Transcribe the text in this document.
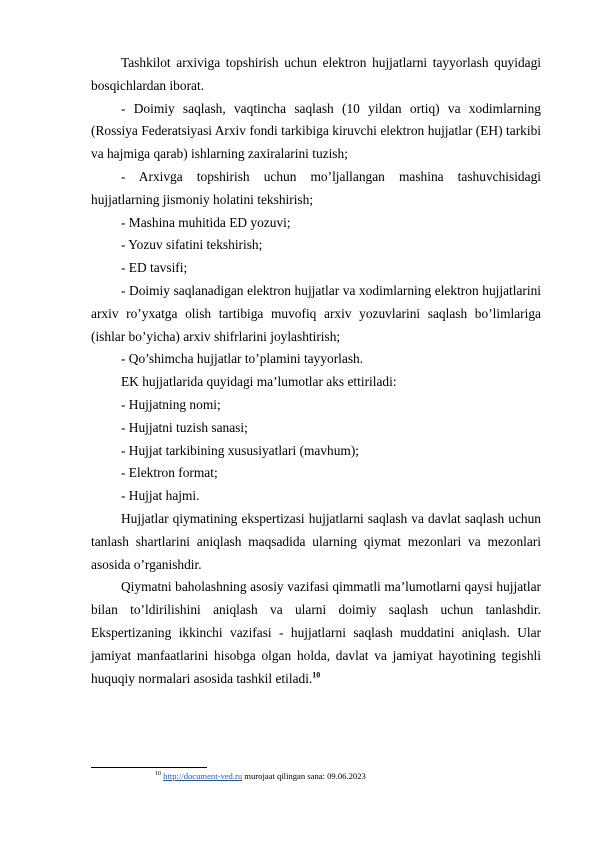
Tashkilot arxiviga topshirish uchun elektron hujjatlarni tayyorlash quyidagi bosqichlardan iborat.

- Doimiy saqlash, vaqtincha saqlash (10 yildan ortiq) va xodimlarning (Rossiya Federatsiyasi Arxiv fondi tarkibiga kiruvchi elektron hujjatlar (EH) tarkibi va hajmiga qarab) ishlarning zaxiralarini tuzish;

- Arxivga topshirish uchun mo’ljallangan mashina tashuvchisidagi hujjatlarning jismoniy holatini tekshirish;

- Mashina muhitida ED yozuvi;

- Yozuv sifatini tekshirish;

- ED tavsifi;

- Doimiy saqlanadigan elektron hujjatlar va xodimlarning elektron hujjatlarini arxiv ro’yxatga olish tartibiga muvofiq arxiv yozuvlarini saqlash bo’limlariga (ishlar bo’yicha) arxiv shifrlarini joylashtirish;

- Qo’shimcha hujjatlar to’plamini tayyorlash.

EK hujjatlarida quyidagi ma’lumotlar aks ettiriladi:

- Hujjatning nomi;

- Hujjatni tuzish sanasi;

- Hujjat tarkibining xususiyatlari (mavhum);

- Elektron format;

- Hujjat hajmi.

Hujjatlar qiymatining ekspertizasi hujjatlarni saqlash va davlat saqlash uchun tanlash shartlarini aniqlash maqsadida ularning qiymat mezonlari va mezonlari asosida o’rganishdir.

Qiymatni baholashning asosiy vazifasi qimmatli ma’lumotlarni qaysi hujjatlar bilan to’ldirilishini aniqlash va ularni doimiy saqlash uchun tanlashdir. Ekspertizaning ikkinchi vazifasi - hujjatlarni saqlash muddatini aniqlash. Ular jamiyat manfaatlarini hisobga olgan holda, davlat va jamiyat hayotining tegishli huquqiy normalari asosida tashkil etiladi.$^{10}$

$^{10}$ http://document-ved.ru murojaat qilingan sana: 09.06.2023
